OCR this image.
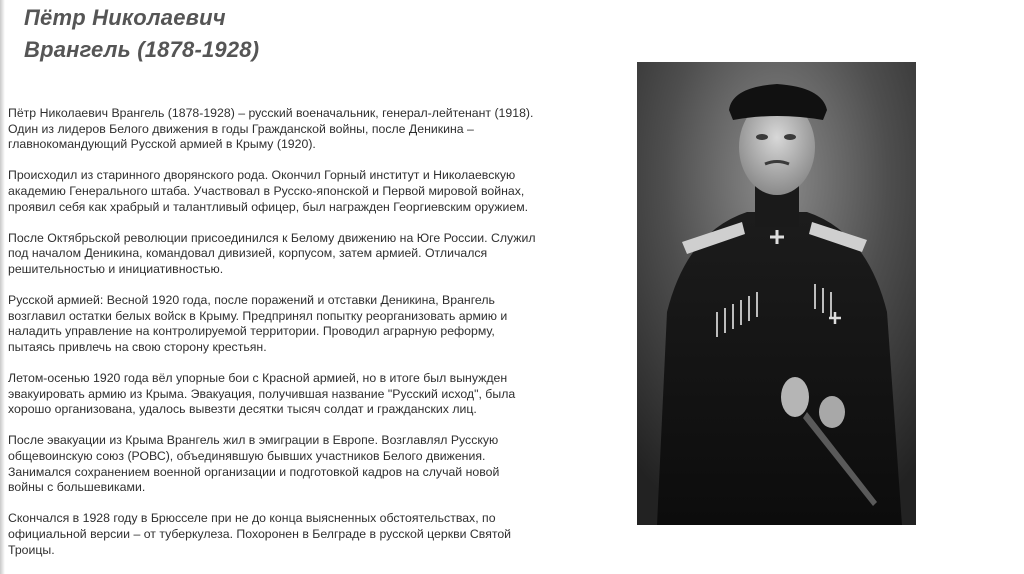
Пётр Николаевич
Врангель (1878-1928)

Пётр Николаевич Врангель (1878-1928) – русский военачальник, генерал-лейтенант (1918).
Один из лидеров Белого движения в годы Гражданской войны, после Деникина –
главнокомандующий Русской армией в Крыму (1920).

Происходил из старинного дворянского рода. Окончил Горный институт и Николаевскую
академию Генерального штаба. Участвовал в Русско-японской и Первой мировой войнах,
проявил себя как храбрый и талантливый офицер, был награжден Георгиевским оружием.

После Октябрьской революции присоединился к Белому движению на Юге России. Служил
под началом Деникина, командовал дивизией, корпусом, затем армией. Отличался
решительностью и инициативностью.

Русской армией: Весной 1920 года, после поражений и отставки Деникина, Врангель
возглавил остатки белых войск в Крыму. Предпринял попытку реорганизовать армию и
наладить управление на контролируемой территории. Проводил аграрную реформу,
пытаясь привлечь на свою сторону крестьян.

Летом-осенью 1920 года вёл упорные бои с Красной армией, но в итоге был вынужден
эвакуировать армию из Крыма. Эвакуация, получившая название "Русский исход", была
хорошо организована, удалось вывезти десятки тысяч солдат и гражданских лиц.

После эвакуации из Крыма Врангель жил в эмиграции в Европе. Возглавлял Русскую
общевоинскую союз (РОВС), объединявшую бывших участников Белого движения.
Занимался сохранением военной организации и подготовкой кадров на случай новой
войны с большевиками.

Скончался в 1928 году в Брюсселе при не до конца выясненных обстоятельствах, по
официальной версии – от туберкулеза. Похоронен в Белграде в русской церкви Святой
Троицы.
